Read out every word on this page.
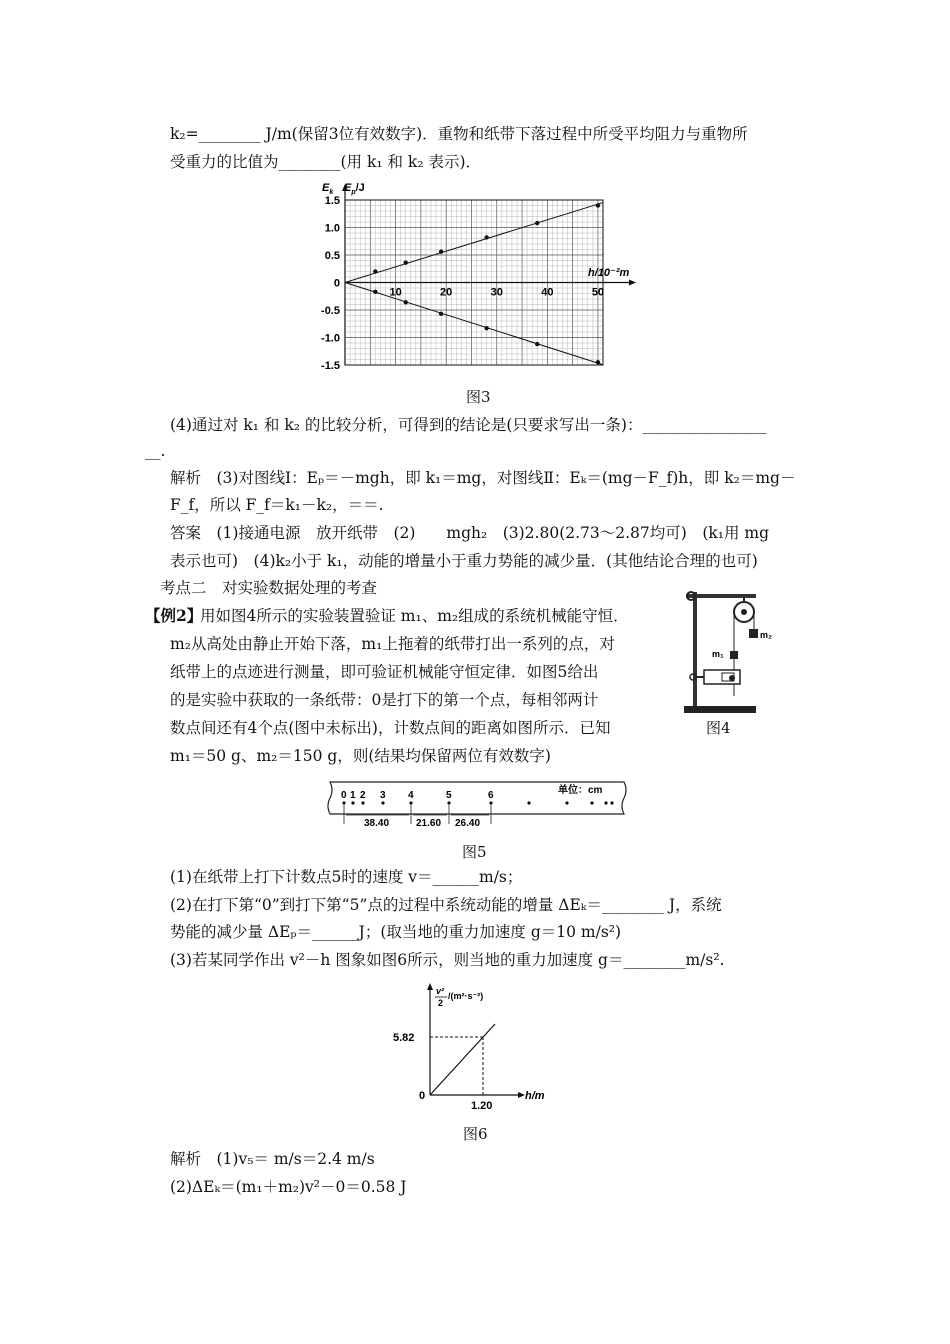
k₂=________ J/m(保留3位有效数字)．重物和纸带下落过程中所受平均阻力与重物所
受重力的比值为________(用 k₁ 和 k₂ 表示)．
$E_k$ $E_p/J$
h/10⁻²m
1.5
1.0
0.5
0
-0.5
-1.0
-1.5
10	20	30	40	50
图3
(4)通过对 k₁ 和 k₂ 的比较分析，可得到的结论是(只要求写出一条)：________________
__.
解析　(3)对图线Ⅰ：Eₚ＝－mgh，即 k₁＝mg，对图线Ⅱ：Eₖ＝(mg－F_f)h，即 k₂＝mg－
F_f，所以 F_f＝k₁－k₂，＝＝.
答案　(1)接通电源　放开纸带　(2)　　mgh₂　(3)2.80(2.73～2.87均可)　(k₁用 mg
表示也可)　(4)k₂小于 k₁，动能的增量小于重力势能的减少量．(其他结论合理的也可)
考点二　对实验数据处理的考查
【例2】
用如图4所示的实验装置验证 m₁、m₂组成的系统机械能守恒．
m₂从高处由静止开始下落，m₁上拖着的纸带打出一系列的点，对
纸带上的点迹进行测量，即可验证机械能守恒定律．如图5给出
的是实验中获取的一条纸带：0是打下的第一个点，每相邻两计
数点间还有4个点(图中未标出)，计数点间的距离如图所示．已知
m₁＝50 g、m₂＝150 g，则(结果均保留两位有效数字)
m₂
m₁
图4
单位：cm
0 1 2 3 4	5	6
38.40	21.60 26.40
图5
(1)在纸带上打下计数点5时的速度 v＝______m/s；
(2)在打下第“0”到打下第“5”点的过程中系统动能的增量 ΔEₖ＝________ J，系统
势能的减少量 ΔEₚ＝______J；(取当地的重力加速度 g＝10 m/s²)
(3)若某同学作出 v²－h 图象如图6所示，则当地的重力加速度 g＝________m/s².
v²
2
/(m²·s⁻²)
5.82
0
1.20
h/m
图6
解析　(1)v₅＝ m/s＝2.4 m/s
(2)ΔEₖ＝(m₁＋m₂)v²－0＝0.58 J
